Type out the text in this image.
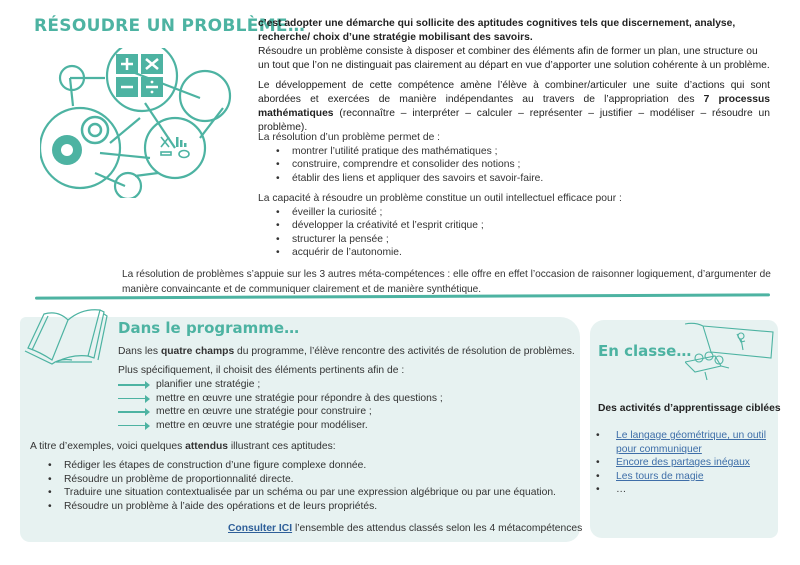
RÉSOUDRE UN PROBLÈME…
c’est adopter une démarche qui sollicite des aptitudes cognitives tels que discernement, analyse, recherche/ choix d’une stratégie mobilisant des savoirs.
Résoudre un problème consiste à disposer et combiner des éléments afin de former un plan, une structure ou un tout que l’on ne distinguait pas clairement au départ en vue d’apporter une solution cohérente à un problème.
Le développement de cette compétence amène l’élève à combiner/articuler une suite d’actions qui sont abordées et exercées de manière indépendantes au travers de l’appropriation des 7 processus mathématiques (reconnaître – interpréter – calculer – représenter – justifier – modéliser – résoudre un problème).
La résolution d’un problème permet de :
• montrer l’utilité pratique des mathématiques ;
• construire, comprendre et consolider des notions ;
• établir des liens et appliquer des savoirs et savoir-faire.
La capacité à résoudre un problème constitue un outil intellectuel efficace pour :
• éveiller la curiosité ;
• développer la créativité et l’esprit critique ;
• structurer la pensée ;
• acquérir de l’autonomie.
La résolution de problèmes s’appuie sur les 3 autres méta-compétences : elle offre en effet l’occasion de raisonner logiquement, d’argumenter de manière convaincante et de communiquer clairement et de manière synthétique.
Dans le programme…
Dans les quatre champs du programme, l’élève rencontre des activités de résolution de problèmes.
Plus spécifiquement, il choisit des éléments pertinents afin de :
planifier une stratégie ;
mettre en œuvre une stratégie pour répondre à des questions ;
mettre en œuvre une stratégie pour construire ;
mettre en œuvre une stratégie pour modéliser.
A titre d’exemples, voici quelques attendus illustrant ces aptitudes:
• Rédiger les étapes de construction d’une figure complexe donnée.
• Résoudre un problème de proportionnalité directe.
• Traduire une situation contextualisée par un schéma ou par une expression algébrique ou par une équation.
• Résoudre un problème à l’aide des opérations et de leurs propriétés.
Consulter ICI l’ensemble des attendus classés selon les 4 métacompétences
En classe…
Des activités d’apprentissage ciblées
• Le langage géométrique, un outil pour communiquer
• Encore des partages inégaux
• Les tours de magie
• …
